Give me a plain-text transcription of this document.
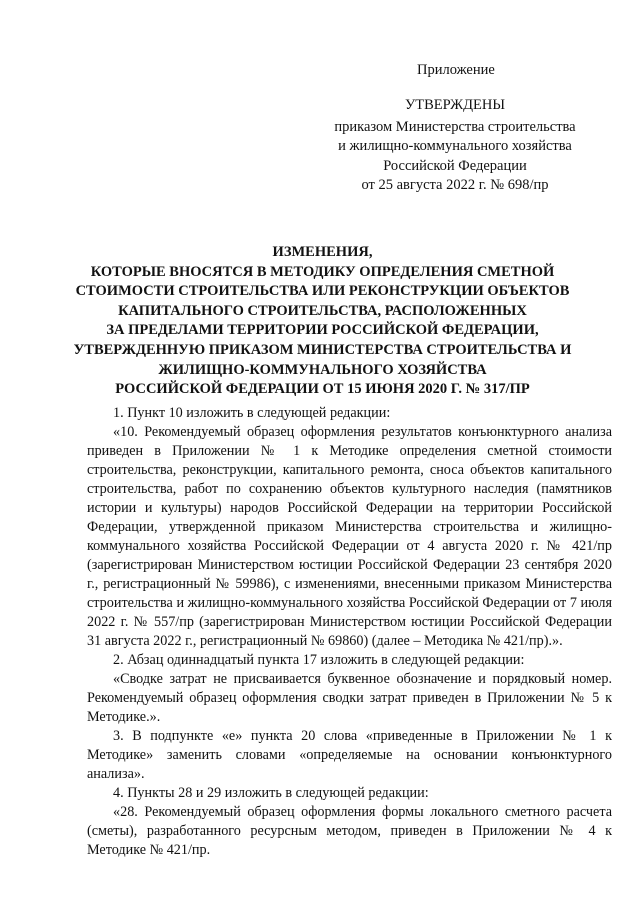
Приложение
УТВЕРЖДЕНЫ
приказом Министерства строительства
и жилищно-коммунального хозяйства
Российской Федерации
от 25 августа 2022 г. № 698/пр
ИЗМЕНЕНИЯ,
КОТОРЫЕ ВНОСЯТСЯ В МЕТОДИКУ ОПРЕДЕЛЕНИЯ СМЕТНОЙ
СТОИМОСТИ СТРОИТЕЛЬСТВА ИЛИ РЕКОНСТРУКЦИИ ОБЪЕКТОВ
КАПИТАЛЬНОГО СТРОИТЕЛЬСТВА, РАСПОЛОЖЕННЫХ
ЗА ПРЕДЕЛАМИ ТЕРРИТОРИИ РОССИЙСКОЙ ФЕДЕРАЦИИ,
УТВЕРЖДЕННУЮ ПРИКАЗОМ МИНИСТЕРСТВА СТРОИТЕЛЬСТВА И
ЖИЛИЩНО-КОММУНАЛЬНОГО ХОЗЯЙСТВА
РОССИЙСКОЙ ФЕДЕРАЦИИ ОТ 15 ИЮНЯ 2020 Г. № 317/ПР

1. Пункт 10 изложить в следующей редакции:

«10. Рекомендуемый образец оформления результатов конъюнктурного анализа приведен в Приложении № 1 к Методике определения сметной стоимости строительства, реконструкции, капитального ремонта, сноса объектов капитального строительства, работ по сохранению объектов культурного наследия (памятников истории и культуры) народов Российской Федерации на территории Российской Федерации, утвержденной приказом Министерства строительства и жилищно-коммунального хозяйства Российской Федерации от 4 августа 2020 г. № 421/пр (зарегистрирован Министерством юстиции Российской Федерации 23 сентября 2020 г., регистрационный № 59986), с изменениями, внесенными приказом Министерства строительства и жилищно-коммунального хозяйства Российской Федерации от 7 июля 2022 г. № 557/пр (зарегистрирован Министерством юстиции Российской Федерации 31 августа 2022 г., регистрационный № 69860) (далее – Методика № 421/пр).».

2. Абзац одиннадцатый пункта 17 изложить в следующей редакции:

«Сводке затрат не присваивается буквенное обозначение и порядковый номер. Рекомендуемый образец оформления сводки затрат приведен в Приложении № 5 к Методике.».

3. В подпункте «е» пункта 20 слова «приведенные в Приложении № 1 к Методике» заменить словами «определяемые на основании конъюнктурного анализа».

4. Пункты 28 и 29 изложить в следующей редакции:

«28. Рекомендуемый образец оформления формы локального сметного расчета (сметы), разработанного ресурсным методом, приведен в Приложении № 4 к Методике № 421/пр.
